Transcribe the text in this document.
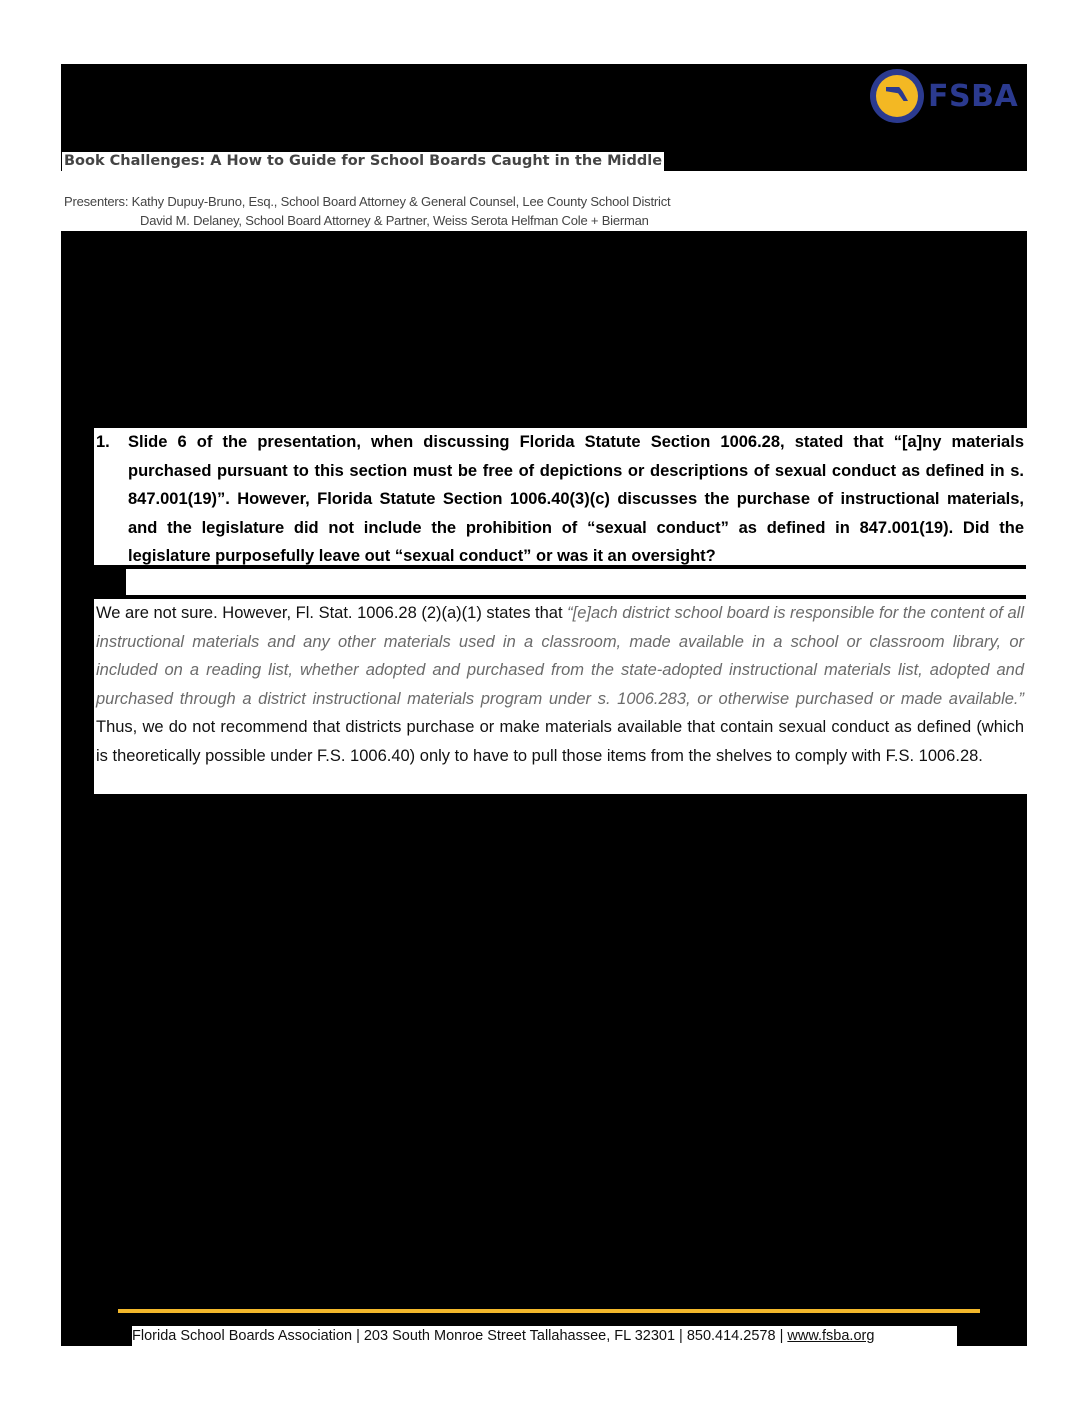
FSBA
Book Challenges: A How to Guide for School Boards Caught in the Middle
Presenters: Kathy Dupuy-Bruno, Esq., School Board Attorney & General Counsel, Lee County School District
David M. Delaney, School Board Attorney & Partner, Weiss Serota Helfman Cole + Bierman
1. Slide 6 of the presentation, when discussing Florida Statute Section 1006.28, stated that “[a]ny materials purchased pursuant to this section must be free of depictions or descriptions of sexual conduct as defined in s. 847.001(19)”. However, Florida Statute Section 1006.40(3)(c) discusses the purchase of instructional materials, and the legislature did not include the prohibition of “sexual conduct” as defined in 847.001(19). Did the legislature purposefully leave out “sexual conduct” or was it an oversight?
We are not sure. However, Fl. Stat. 1006.28 (2)(a)(1) states that “[e]ach district school board is responsible for the content of all instructional materials and any other materials used in a classroom, made available in a school or classroom library, or included on a reading list, whether adopted and purchased from the state-adopted instructional materials list, adopted and purchased through a district instructional materials program under s. 1006.283, or otherwise purchased or made available.” Thus, we do not recommend that districts purchase or make materials available that contain sexual conduct as defined (which is theoretically possible under F.S. 1006.40) only to have to pull those items from the shelves to comply with F.S. 1006.28.
Florida School Boards Association | 203 South Monroe Street Tallahassee, FL 32301 | 850.414.2578 | www.fsba.org
